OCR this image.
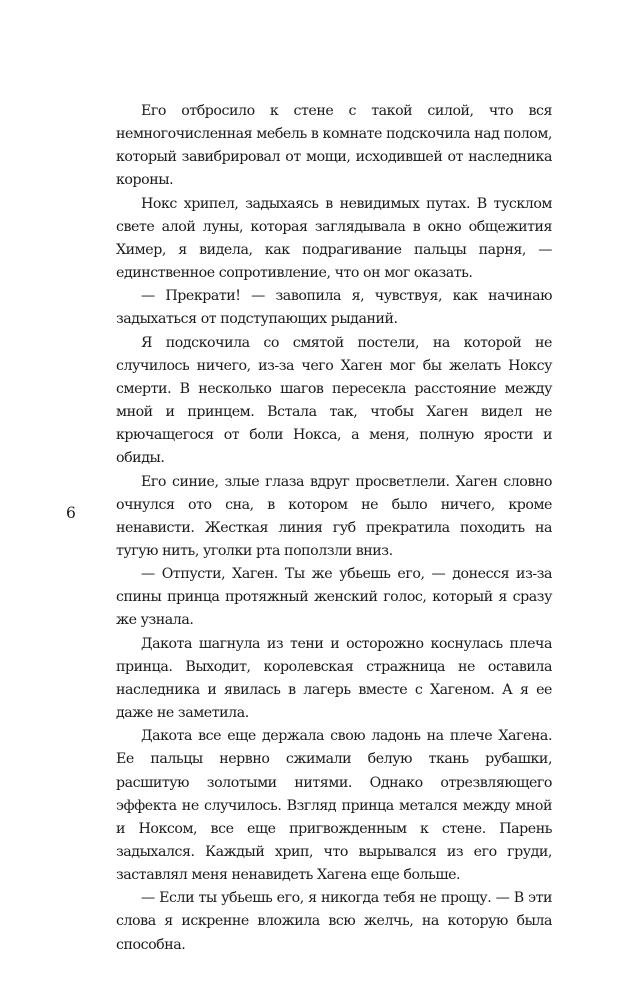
6

Его отбросило к стене с такой силой, что вся немногочисленная мебель в комнате подскочила над полом, который завибрировал от мощи, исходившей от наследника короны.

Нокс хрипел, задыхаясь в невидимых путах. В тусклом свете алой луны, которая заглядывала в окно общежития Химер, я видела, как подрагивание пальцы парня, — единственное сопротивление, что он мог оказать.

— Прекрати! — завопила я, чувствуя, как начинаю задыхаться от подступающих рыданий.

Я подскочила со смятой постели, на которой не случилось ничего, из-за чего Хаген мог бы желать Ноксу смерти. В несколько шагов пересекла расстояние между мной и принцем. Встала так, чтобы Хаген видел не крючащегося от боли Нокса, а меня, полную ярости и обиды.

Его синие, злые глаза вдруг просветлели. Хаген словно очнулся ото сна, в котором не было ничего, кроме ненависти. Жесткая линия губ прекратила походить на тугую нить, уголки рта поползли вниз.

— Отпусти, Хаген. Ты же убьешь его, — донесся из-за спины принца протяжный женский голос, который я сразу же узнала.

Дакота шагнула из тени и осторожно коснулась плеча принца. Выходит, королевская стражница не оставила наследника и явилась в лагерь вместе с Хагеном. А я ее даже не заметила.

Дакота все еще держала свою ладонь на плече Хагена. Ее пальцы нервно сжимали белую ткань рубашки, расшитую золотыми нитями. Однако отрезвляющего эффекта не случилось. Взгляд принца метался между мной и Ноксом, все еще пригвожденным к стене. Парень задыхался. Каждый хрип, что вырывался из его груди, заставлял меня ненавидеть Хагена еще больше.

— Если ты убьешь его, я никогда тебя не прощу. — В эти слова я искренне вложила всю желчь, на которую была способна.
